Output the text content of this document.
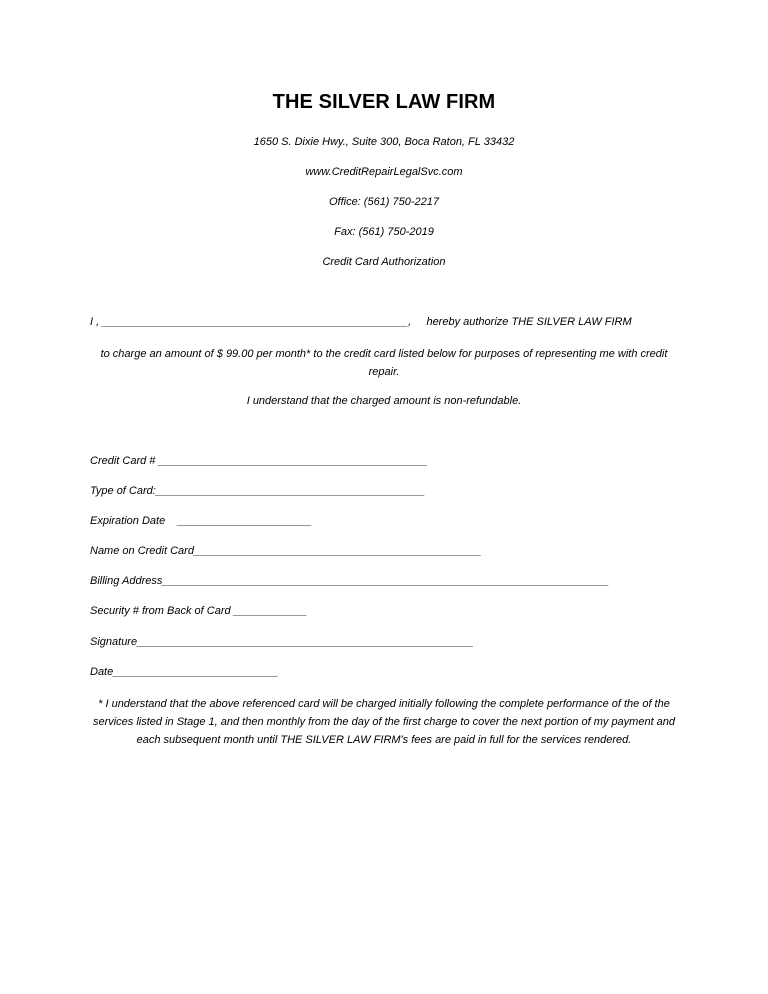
THE SILVER LAW FIRM
1650 S. Dixie Hwy., Suite 300, Boca Raton, FL 33432
www.CreditRepairLegalSvc.com
Office: (561) 750-2217
Fax: (561) 750-2019
Credit Card Authorization
I , __________________________________________________,     hereby authorize THE SILVER LAW FIRM
to charge an amount of $ 99.00 per month* to the credit card listed below for purposes of representing me with credit repair.
I understand that the charged amount is non-refundable.
Credit Card # ____________________________________________
Type of Card:____________________________________________
Expiration Date    ______________________
Name on Credit Card_______________________________________________
Billing Address_________________________________________________________________________
Security # from Back of Card ____________
Signature_______________________________________________________
Date___________________________
* I understand that the above referenced card will be charged initially following the complete performance of the of the services listed in Stage 1, and then monthly from the day of the first charge to cover the next portion of my payment and each subsequent month until THE SILVER LAW FIRM's fees are paid in full for the services rendered.
